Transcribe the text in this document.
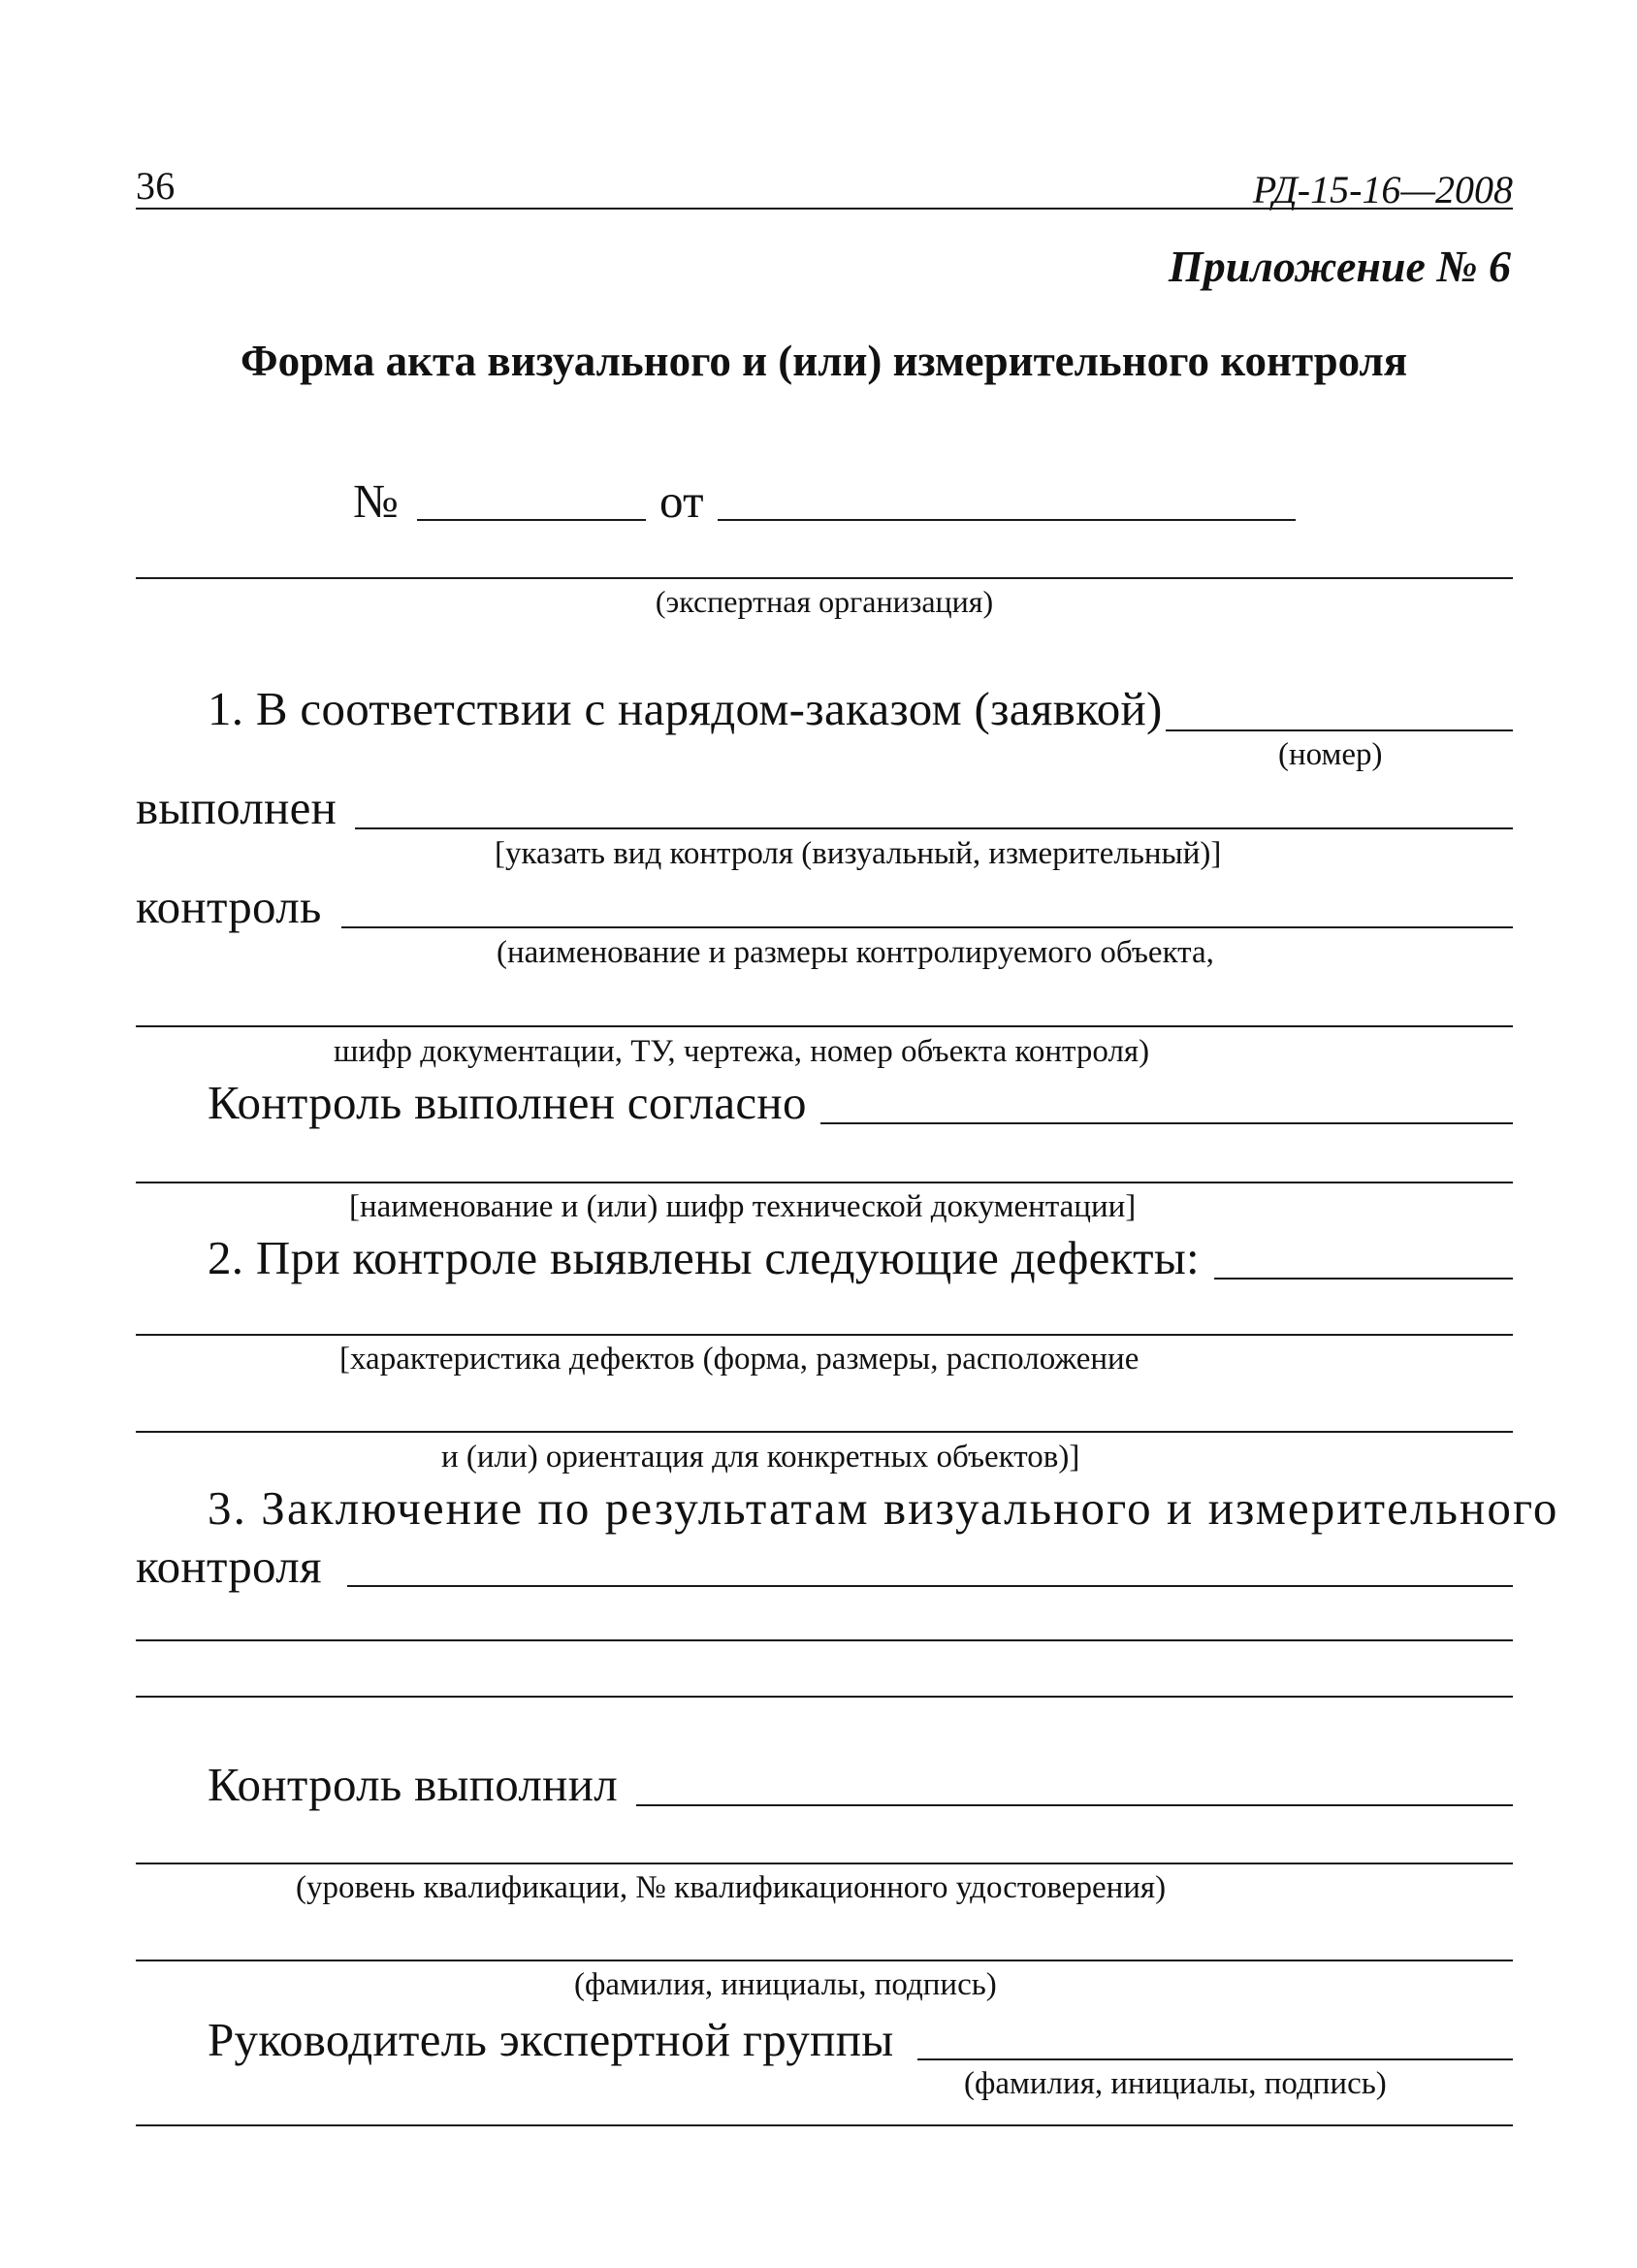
36	РД-15-16—2008
Приложение № 6
Форма акта визуального и (или) измерительного контроля
№	от
(экспертная организация)
1. В соответствии с нарядом-заказом (заявкой)
(номер)
выполнен
[указать вид контроля (визуальный, измерительный)]
контроль
(наименование и размеры контролируемого объекта,
шифр документации, ТУ, чертежа, номер объекта контроля)
Контроль выполнен согласно
[наименование и (или) шифр технической документации]
2. При контроле выявлены следующие дефекты:
[характеристика дефектов (форма, размеры, расположение
и (или) ориентация для конкретных объектов)]
3. Заключение по результатам визуального и измерительного
контроля
Контроль выполнил
(уровень квалификации, № квалификационного удостоверения)
(фамилия, инициалы, подпись)
Руководитель экспертной группы
(фамилия, инициалы, подпись)
